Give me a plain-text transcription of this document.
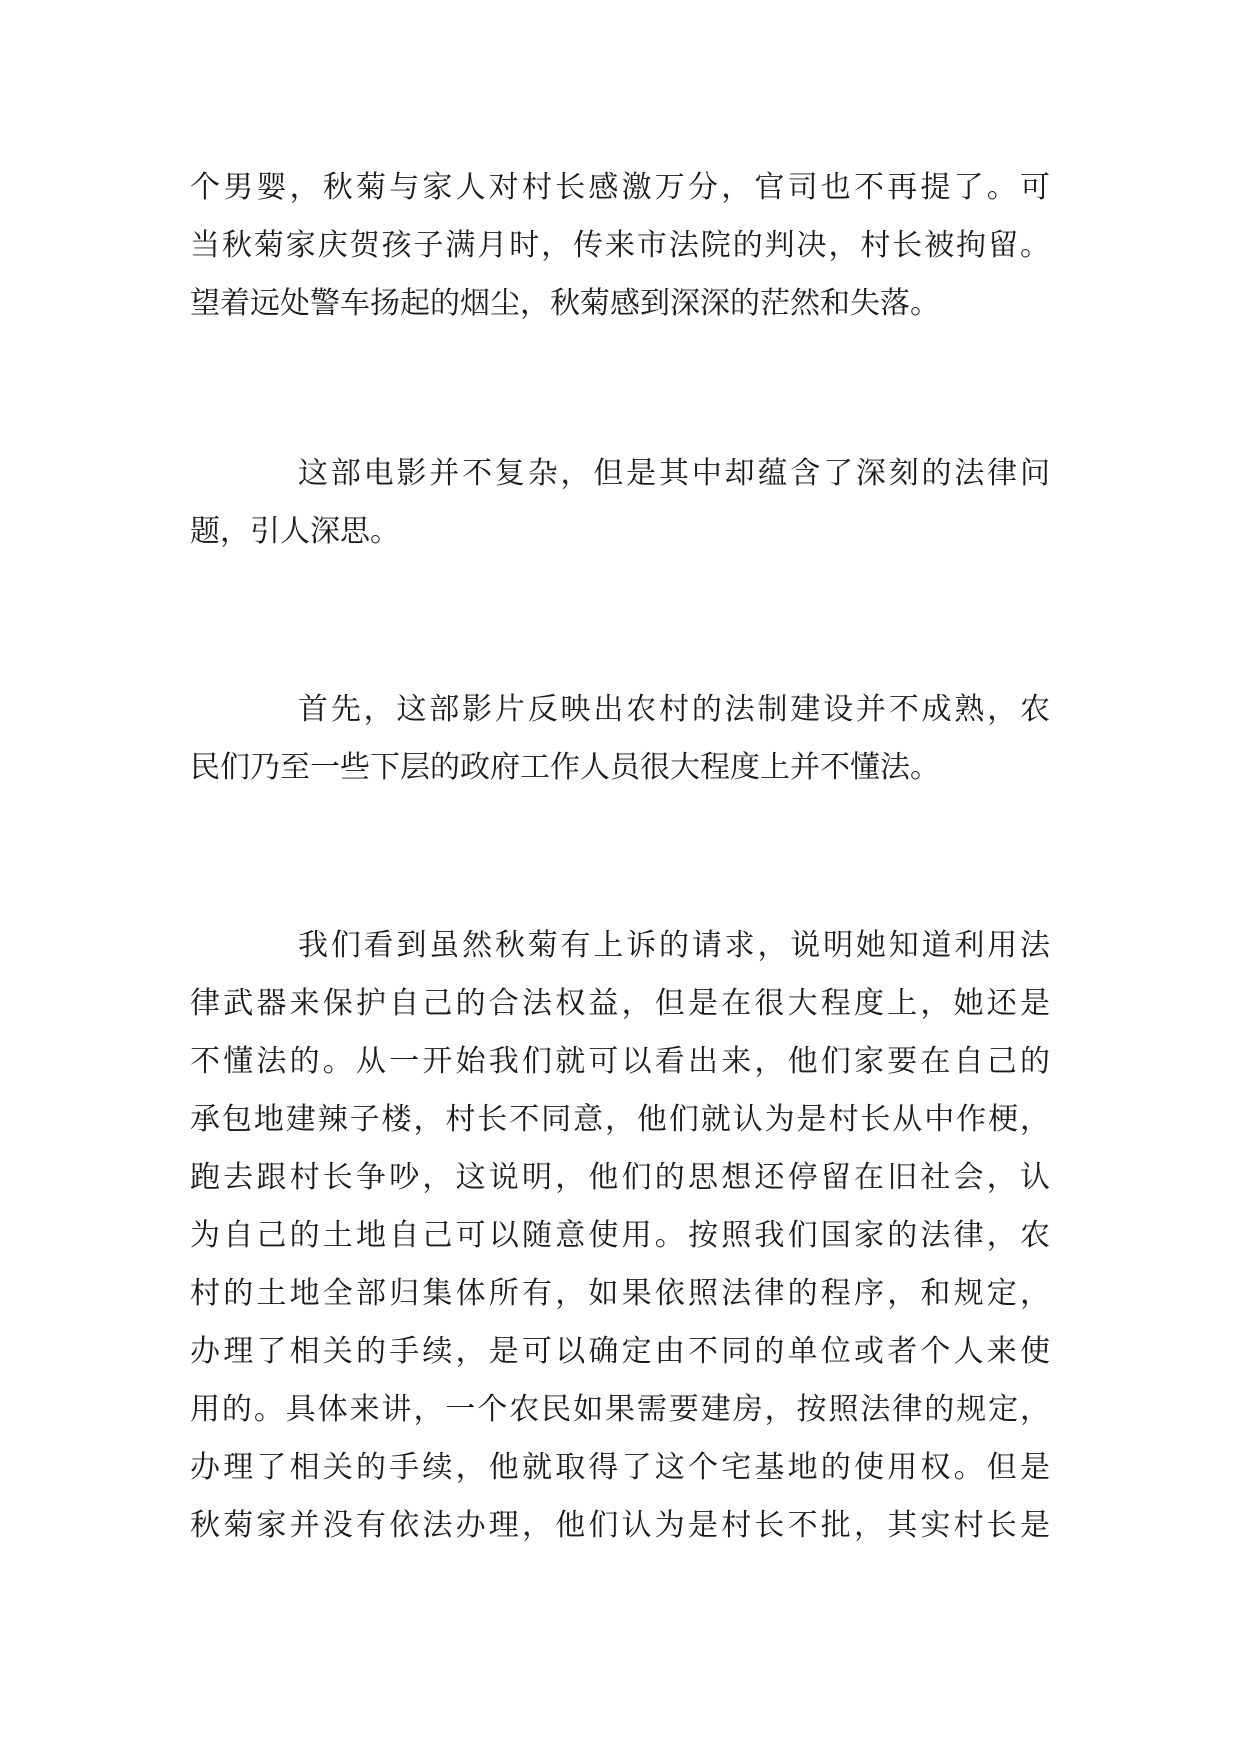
个男婴，秋菊与家人对村长感激万分，官司也不再提了。可
当秋菊家庆贺孩子满月时，传来市法院的判决，村长被拘留。
望着远处警车扬起的烟尘，秋菊感到深深的茫然和失落。
这部电影并不复杂，但是其中却蕴含了深刻的法律问
题，引人深思。
首先，这部影片反映出农村的法制建设并不成熟，农
民们乃至一些下层的政府工作人员很大程度上并不懂法。
我们看到虽然秋菊有上诉的请求，说明她知道利用法
律武器来保护自己的合法权益，但是在很大程度上，她还是
不懂法的。从一开始我们就可以看出来，他们家要在自己的
承包地建辣子楼，村长不同意，他们就认为是村长从中作梗，
跑去跟村长争吵，这说明，他们的思想还停留在旧社会，认
为自己的土地自己可以随意使用。按照我们国家的法律，农
村的土地全部归集体所有，如果依照法律的程序，和规定，
办理了相关的手续，是可以确定由不同的单位或者个人来使
用的。具体来讲，一个农民如果需要建房，按照法律的规定，
办理了相关的手续，他就取得了这个宅基地的使用权。但是
秋菊家并没有依法办理，他们认为是村长不批，其实村长是
